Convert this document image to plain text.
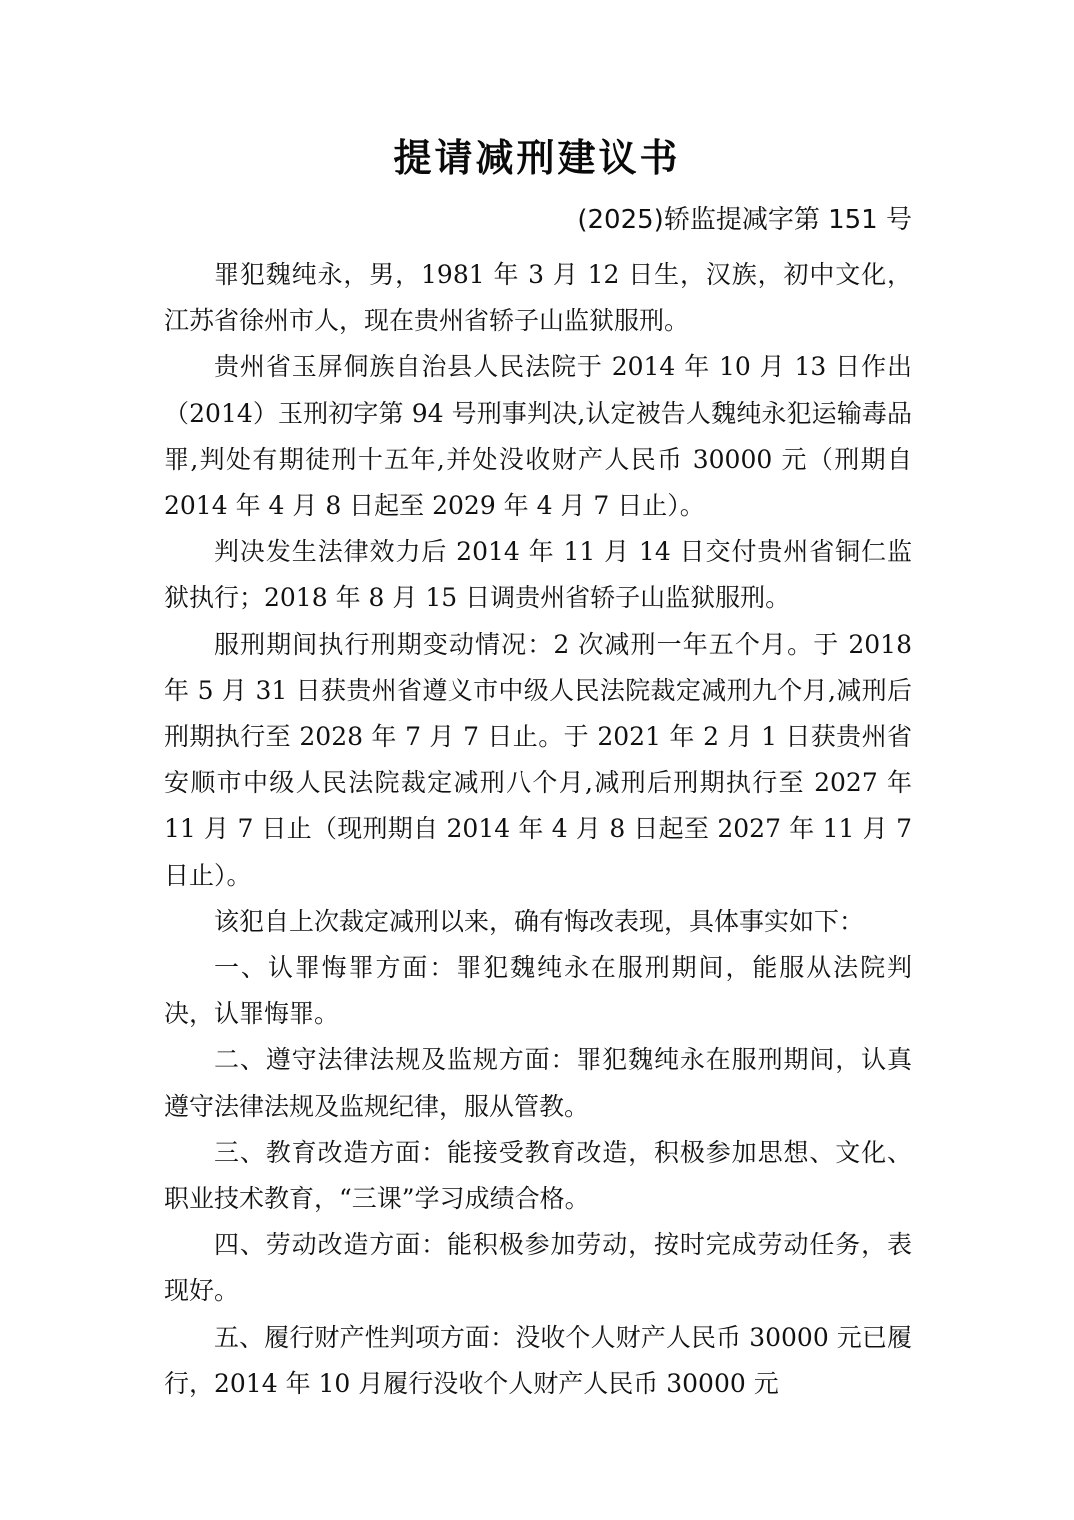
提请减刑建议书
(2025)轿监提减字第 151 号

罪犯魏纯永，男，1981 年 3 月 12 日生，汉族，初中文化，江苏省徐州市人，现在贵州省轿子山监狱服刑。

贵州省玉屏侗族自治县人民法院于 2014 年 10 月 13 日作出（2014）玉刑初字第 94 号刑事判决,认定被告人魏纯永犯运输毒品罪,判处有期徒刑十五年,并处没收财产人民币 30000 元（刑期自 2014 年 4 月 8 日起至 2029 年 4 月 7 日止）。

判决发生法律效力后 2014 年 11 月 14 日交付贵州省铜仁监狱执行；2018 年 8 月 15 日调贵州省轿子山监狱服刑。

服刑期间执行刑期变动情况：2 次减刑一年五个月。于 2018 年 5 月 31 日获贵州省遵义市中级人民法院裁定减刑九个月,减刑后刑期执行至 2028 年 7 月 7 日止。于 2021 年 2 月 1 日获贵州省安顺市中级人民法院裁定减刑八个月,减刑后刑期执行至 2027 年 11 月 7 日止（现刑期自 2014 年 4 月 8 日起至 2027 年 11 月 7 日止）。

该犯自上次裁定减刑以来，确有悔改表现，具体事实如下：

一、认罪悔罪方面：罪犯魏纯永在服刑期间，能服从法院判决，认罪悔罪。

二、遵守法律法规及监规方面：罪犯魏纯永在服刑期间，认真遵守法律法规及监规纪律，服从管教。

三、教育改造方面：能接受教育改造，积极参加思想、文化、职业技术教育，“三课”学习成绩合格。

四、劳动改造方面：能积极参加劳动，按时完成劳动任务，表现好。

五、履行财产性判项方面：没收个人财产人民币 30000 元已履行，2014 年 10 月履行没收个人财产人民币 30000 元
